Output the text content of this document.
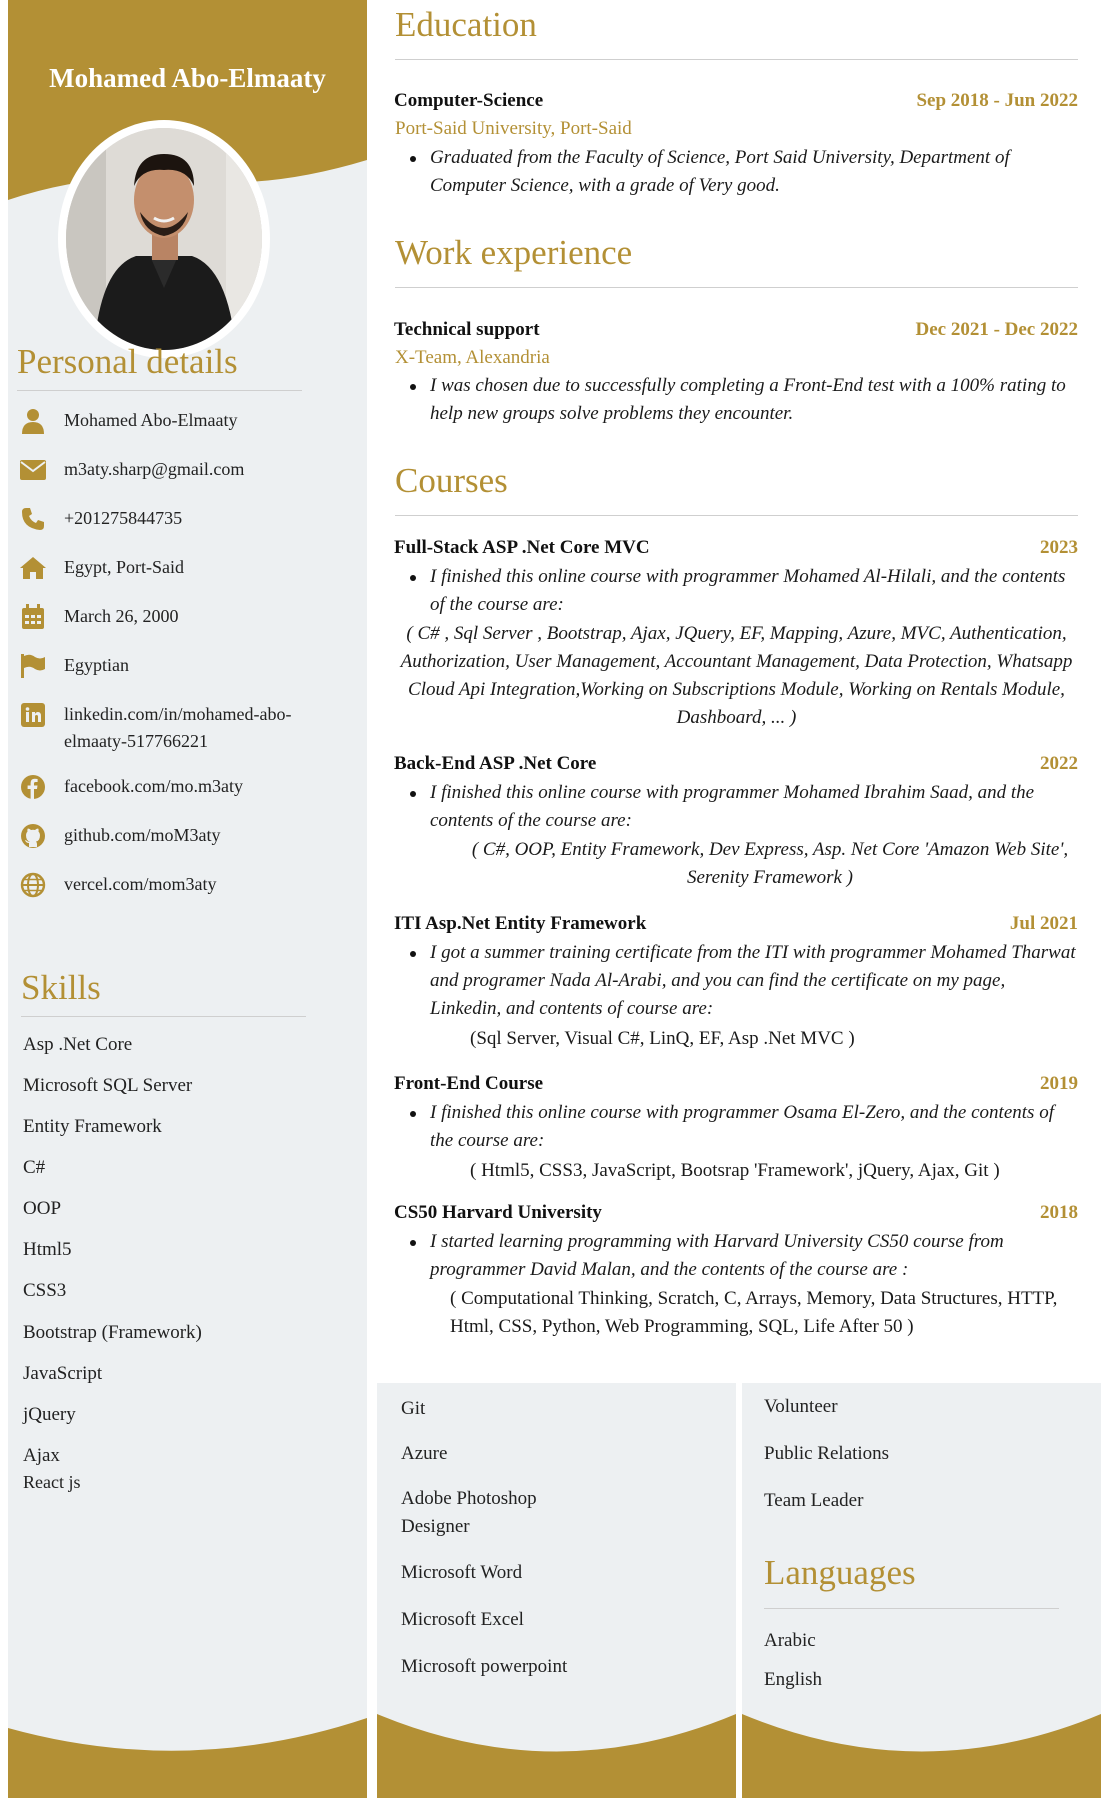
Mohamed Abo-Elmaaty
Personal details
Mohamed Abo-Elmaaty
m3aty.sharp@gmail.com
+201275844735
Egypt, Port-Said
March 26, 2000
Egyptian
linkedin.com/in/mohamed-abo-elmaaty-517766221
facebook.com/mo.m3aty
github.com/moM3aty
vercel.com/mom3aty
Skills
Asp .Net Core
Microsoft SQL Server
Entity Framework
C#
OOP
Html5
CSS3
Bootstrap (Framework)
JavaScript
jQuery
Ajax
React js
Education
Computer-Science	Sep 2018 - Jun 2022
Port-Said University, Port-Said
Graduated from the Faculty of Science, Port Said University, Department of Computer Science, with a grade of Very good.
Work experience
Technical support	Dec 2021 - Dec 2022
X-Team, Alexandria
I was chosen due to successfully completing a Front-End test with a 100% rating to help new groups solve problems they encounter.
Courses
Full-Stack ASP .Net Core MVC	2023
I finished this online course with programmer Mohamed Al-Hilali, and the contents of the course are:
( C# , Sql Server , Bootstrap, Ajax, JQuery, EF, Mapping, Azure, MVC, Authentication, Authorization, User Management, Accountant Management, Data Protection, Whatsapp Cloud Api Integration,Working on Subscriptions Module, Working on Rentals Module, Dashboard, ... )
Back-End ASP .Net Core	2022
I finished this online course with programmer Mohamed Ibrahim Saad, and the contents of the course are:
( C#, OOP, Entity Framework, Dev Express, Asp. Net Core 'Amazon Web Site', Serenity Framework )
ITI Asp.Net Entity Framework	Jul 2021
I got a summer training certificate from the ITI with programmer Mohamed Tharwat and programer Nada Al-Arabi, and you can find the certificate on my page, Linkedin, and contents of course are:
(Sql Server, Visual C#, LinQ, EF, Asp .Net MVC )
Front-End Course	2019
I finished this online course with programmer Osama El-Zero, and the contents of the course are:
( Html5, CSS3, JavaScript, Bootsrap 'Framework', jQuery, Ajax, Git )
CS50 Harvard University	2018
I started learning programming with Harvard University CS50 course from programmer David Malan, and the contents of the course are :
( Computational Thinking, Scratch, C, Arrays, Memory, Data Structures, HTTP, Html, CSS, Python, Web Programming, SQL, Life After 50 )
Git
Azure
Adobe Photoshop Designer
Microsoft Word
Microsoft Excel
Microsoft powerpoint
Volunteer
Public Relations
Team Leader
Languages
Arabic
English
